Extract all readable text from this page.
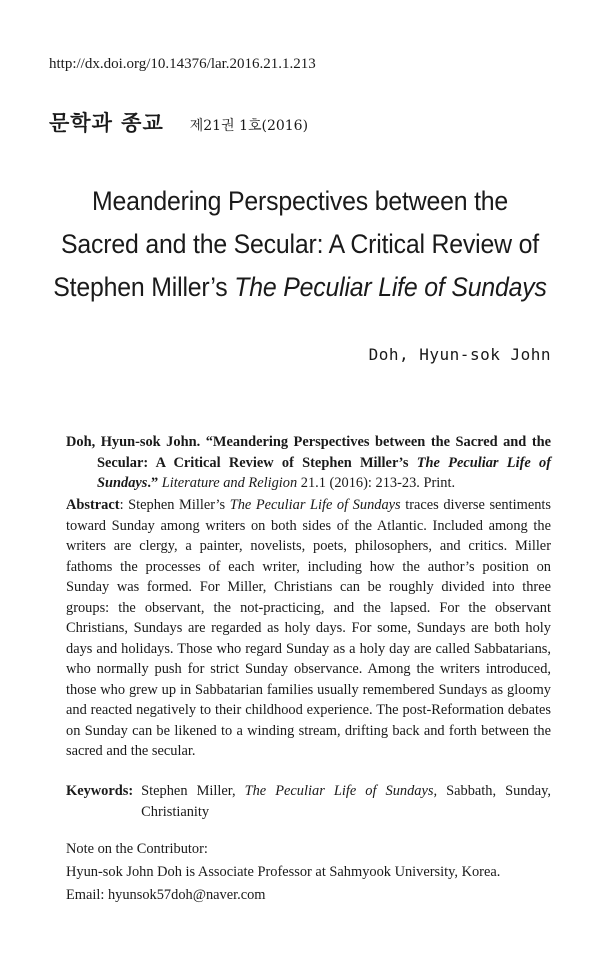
http://dx.doi.org/10.14376/lar.2016.21.1.213
문학과 종교 제21권 1호(2016)
Meandering Perspectives between the
Sacred and the Secular: A Critical Review of
Stephen Miller’s The Peculiar Life of Sundays
Doh, Hyun-sok John
Doh, Hyun-sok John. “Meandering Perspectives between the Sacred and the Secular: A Critical Review of Stephen Miller’s The Peculiar Life of Sundays.” Literature and Religion 21.1 (2016): 213-23. Print.
Abstract: Stephen Miller’s The Peculiar Life of Sundays traces diverse sentiments toward Sunday among writers on both sides of the Atlantic. Included among the writers are clergy, a painter, novelists, poets, philosophers, and critics. Miller fathoms the processes of each writer, including how the author’s position on Sunday was formed. For Miller, Christians can be roughly divided into three groups: the observant, the not-practicing, and the lapsed. For the observant Christians, Sundays are regarded as holy days. For some, Sundays are both holy days and holidays. Those who regard Sunday as a holy day are called Sabbatarians, who normally push for strict Sunday observance. Among the writers introduced, those who grew up in Sabbatarian families usually remembered Sundays as gloomy and reacted negatively to their childhood experience. The post-Reformation debates on Sunday can be likened to a winding stream, drifting back and forth between the sacred and the secular.
Keywords: Stephen Miller, The Peculiar Life of Sundays, Sabbath, Sunday, Christianity
Note on the Contributor:
Hyun-sok John Doh is Associate Professor at Sahmyook University, Korea.
Email: hyunsok57doh@naver.com
